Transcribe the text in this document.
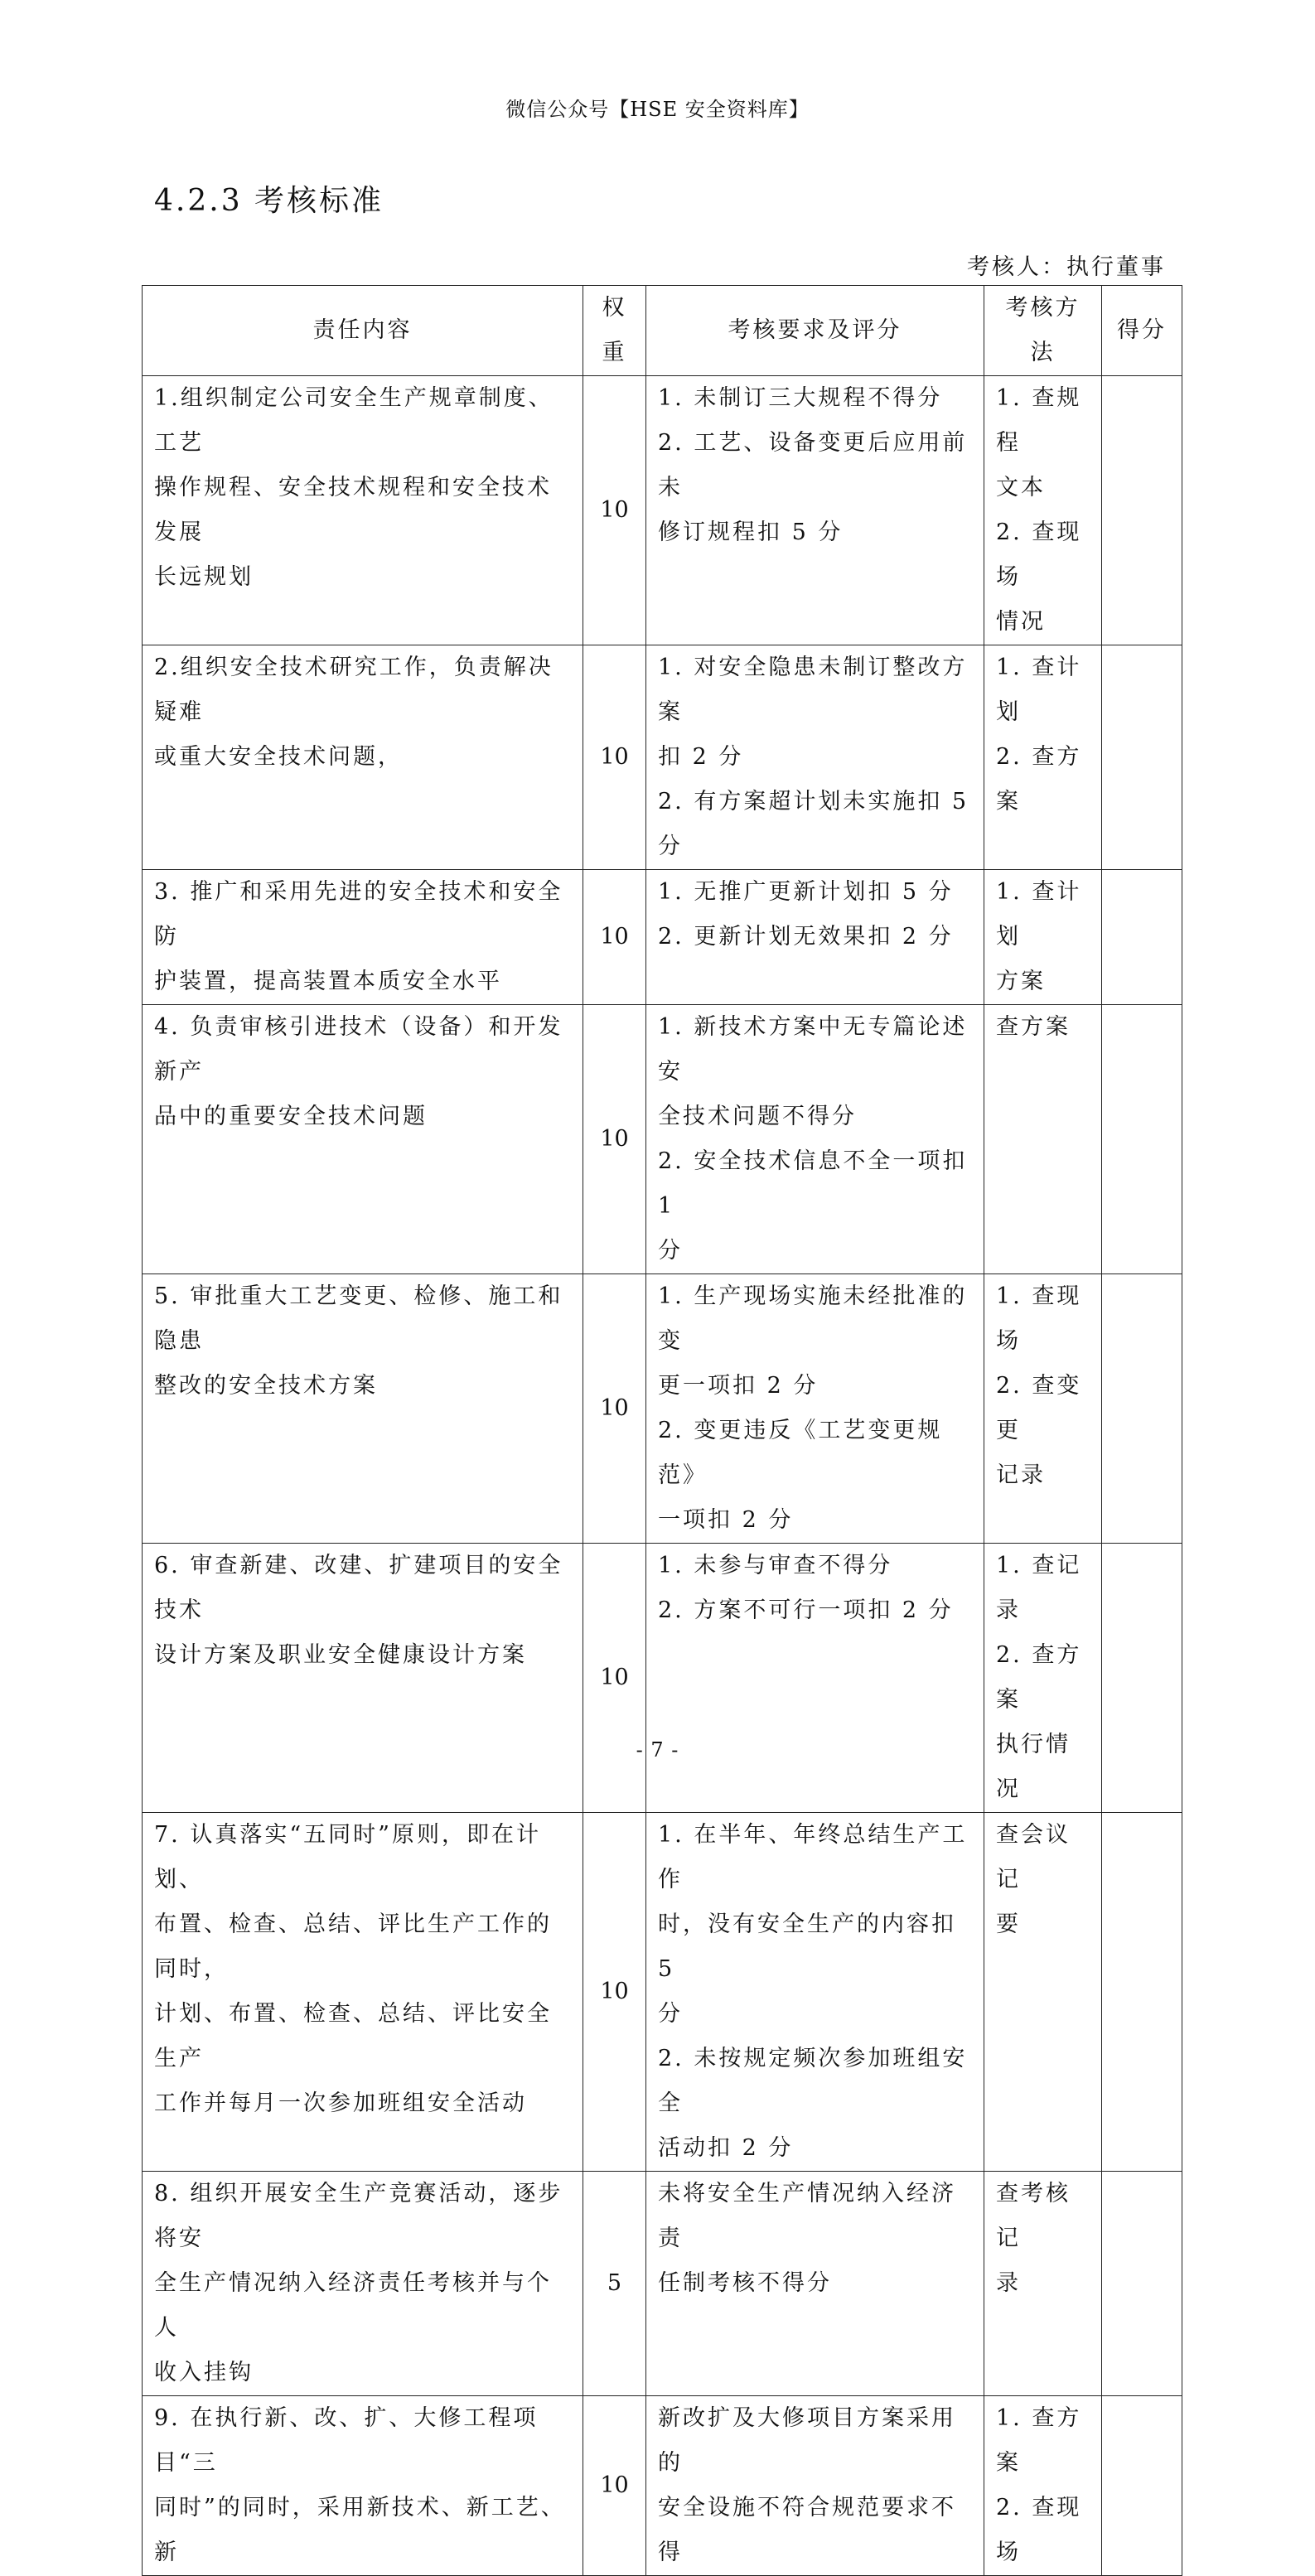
微信公众号【HSE 安全资料库】
4.2.3 考核标准
考核人：执行董事
责任内容	权重	考核要求及评分	考核方法	得分

1.组织制定公司安全生产规章制度、工艺
操作规程、安全技术规程和安全技术发展
长远规划	10	1. 未制订三大规程不得分
2. 工艺、设备变更后应用前未
修订规程扣 5 分	1. 查规程
文本
2. 查现场
情况	

2.组织安全技术研究工作，负责解决疑难
或重大安全技术问题，	10	1. 对安全隐患未制订整改方案
扣 2 分
2. 有方案超计划未实施扣 5 分	1. 查计划
2. 查方案	

3. 推广和采用先进的安全技术和安全防
护装置，提高装置本质安全水平	10	1. 无推广更新计划扣 5 分
2. 更新计划无效果扣 2 分	1. 查计划
方案	

4. 负责审核引进技术（设备）和开发新产
品中的重要安全技术问题	10	1. 新技术方案中无专篇论述安
全技术问题不得分
2. 安全技术信息不全一项扣 1
分	查方案	

5. 审批重大工艺变更、检修、施工和隐患
整改的安全技术方案	10	1. 生产现场实施未经批准的变
更一项扣 2 分
2. 变更违反《工艺变更规范》
一项扣 2 分	1. 查现场
2. 查变更
记录	

6. 审查新建、改建、扩建项目的安全技术
设计方案及职业安全健康设计方案	10	1. 未参与审查不得分
2. 方案不可行一项扣 2 分	1. 查记录
2. 查方案
执行情况	

7. 认真落实“五同时”原则，即在计划、
布置、检查、总结、评比生产工作的同时，
计划、布置、检查、总结、评比安全生产
工作并每月一次参加班组安全活动	10	1. 在半年、年终总结生产工作
时，没有安全生产的内容扣 5
分
2. 未按规定频次参加班组安全
活动扣 2 分	查会议记
要	

8. 组织开展安全生产竞赛活动，逐步将安
全生产情况纳入经济责任考核并与个人
收入挂钩	5	未将安全生产情况纳入经济责
任制考核不得分	查考核记
录	

9. 在执行新、改、扩、大修工程项目“三
同时”的同时，采用新技术、新工艺、新	10	新改扩及大修项目方案采用的
安全设施不符合规范要求不得	1. 查方案
2. 查现场	

- 7 -
